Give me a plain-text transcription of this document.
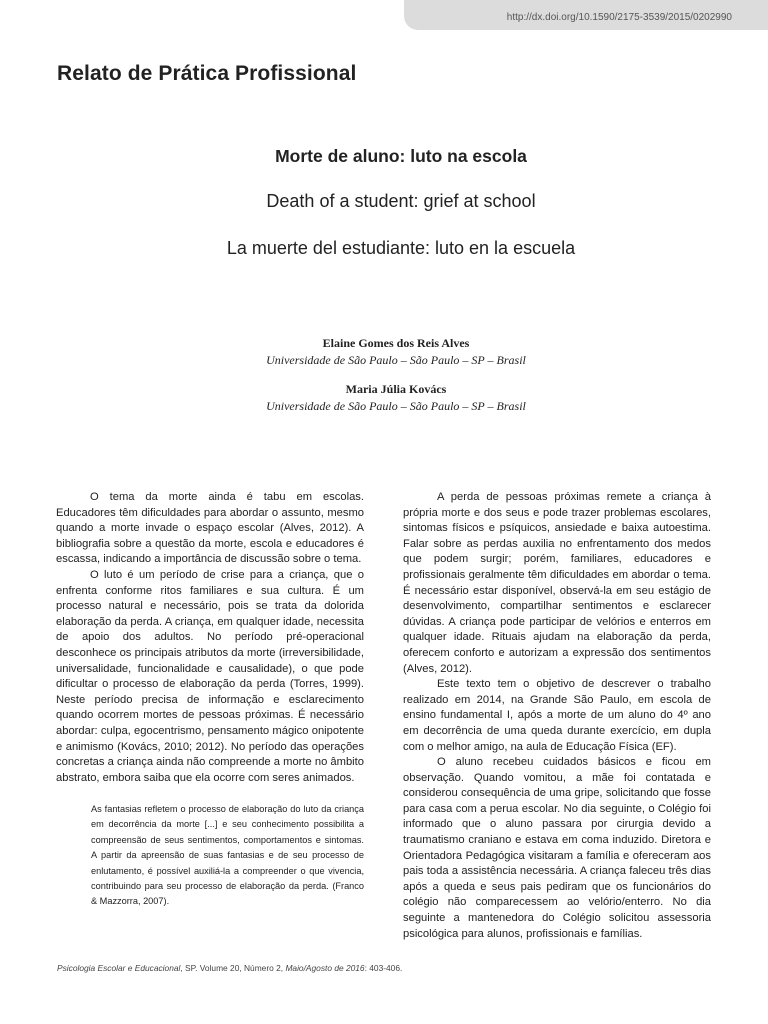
http://dx.doi.org/10.1590/2175-3539/2015/0202990
Relato de Prática Profissional
Morte de aluno: luto na escola
Death of a student: grief at school
La muerte del estudiante: luto en la escuela
Elaine Gomes dos Reis Alves
Universidade de São Paulo – São Paulo – SP – Brasil
Maria Júlia Kovács
Universidade de São Paulo – São Paulo – SP – Brasil

O tema da morte ainda é tabu em escolas. Educadores têm dificuldades para abordar o assunto, mesmo quando a morte invade o espaço escolar (Alves, 2012). A bibliografia sobre a questão da morte, escola e educadores é escassa, indicando a importância de discussão sobre o tema.

O luto é um período de crise para a criança, que o enfrenta conforme ritos familiares e sua cultura. É um processo natural e necessário, pois se trata da dolorida elaboração da perda. A criança, em qualquer idade, necessita de apoio dos adultos. No período pré-operacional desconhece os principais atributos da morte (irreversibilidade, universalidade, funcionalidade e causalidade), o que pode dificultar o processo de elaboração da perda (Torres, 1999). Neste período precisa de informação e esclarecimento quando ocorrem mortes de pessoas próximas. É necessário abordar: culpa, egocentrismo, pensamento mágico onipotente e animismo (Kovács, 2010; 2012). No período das operações concretas a criança ainda não compreende a morte no âmbito abstrato, embora saiba que ela ocorre com seres animados.

As fantasias refletem o processo de elaboração do luto da criança em decorrência da morte [...] e seu conhecimento possibilita a compreensão de seus sentimentos, comportamentos e sintomas. A partir da apreensão de suas fantasias e de seu processo de enlutamento, é possível auxiliá-la a compreender o que vivencia, contribuindo para seu processo de elaboração da perda. (Franco & Mazzorra, 2007).

A perda de pessoas próximas remete a criança à própria morte e dos seus e pode trazer problemas escolares, sintomas físicos e psíquicos, ansiedade e baixa autoestima. Falar sobre as perdas auxilia no enfrentamento dos medos que podem surgir; porém, familiares, educadores e profissionais geralmente têm dificuldades em abordar o tema. É necessário estar disponível, observá-la em seu estágio de desenvolvimento, compartilhar sentimentos e esclarecer dúvidas. A criança pode participar de velórios e enterros em qualquer idade. Rituais ajudam na elaboração da perda, oferecem conforto e autorizam a expressão dos sentimentos (Alves, 2012).

Este texto tem o objetivo de descrever o trabalho realizado em 2014, na Grande São Paulo, em escola de ensino fundamental I, após a morte de um aluno do 4º ano em decorrência de uma queda durante exercício, em dupla com o melhor amigo, na aula de Educação Física (EF).

O aluno recebeu cuidados básicos e ficou em observação. Quando vomitou, a mãe foi contatada e considerou consequência de uma gripe, solicitando que fosse para casa com a perua escolar. No dia seguinte, o Colégio foi informado que o aluno passara por cirurgia devido a traumatismo craniano e estava em coma induzido. Diretora e Orientadora Pedagógica visitaram a família e ofereceram aos pais toda a assistência necessária. A criança faleceu três dias após a queda e seus pais pediram que os funcionários do colégio não comparecessem ao velório/enterro. No dia seguinte a mantenedora do Colégio solicitou assessoria psicológica para alunos, profissionais e famílias.

Psicologia Escolar e Educacional, SP. Volume 20, Número 2, Maio/Agosto de 2016: 403-406.
